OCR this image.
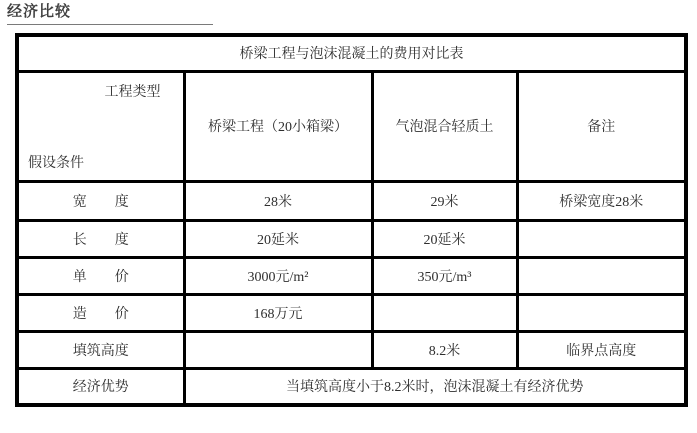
经济比较
桥梁工程与泡沫混凝土的费用对比表			

工程类型
假设条件	桥梁工程（20小箱梁）	气泡混合轻质土	备注
宽　　度	28米	29米	桥梁宽度28米
长　　度	20延米	20延米	
单　　价	3000元/m²	350元/m³	
造　　价	168万元		
填筑高度		8.2米	临界点高度
经济优势	当填筑高度小于8.2米时，泡沫混凝土有经济优势		
